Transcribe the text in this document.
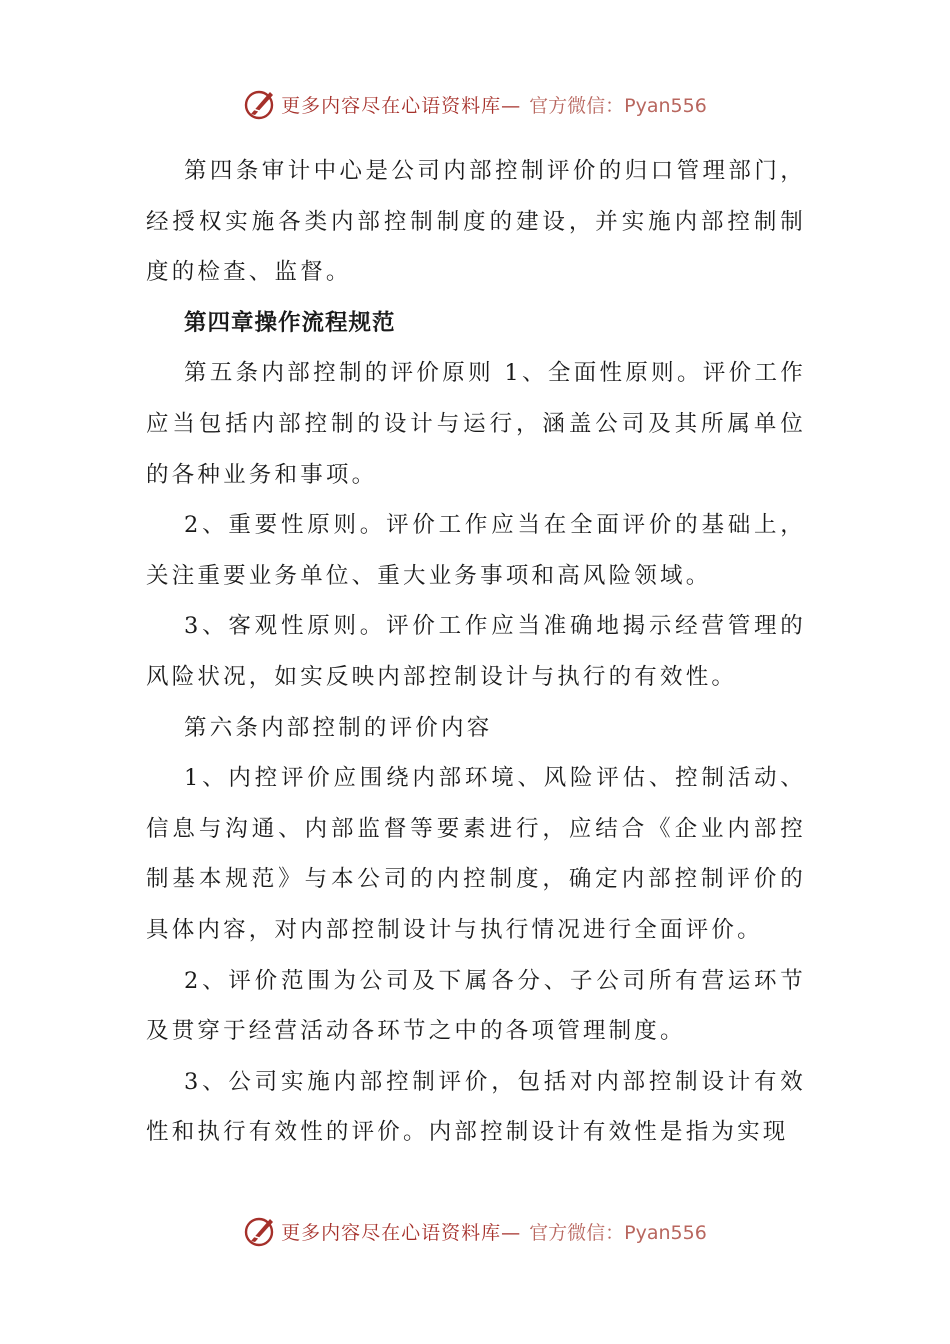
更多内容尽在心语资料库— 官方微信：Pyan556

第四条审计中心是公司内部控制评价的归口管理部门，经授权实施各类内部控制制度的建设，并实施内部控制制度的检查、监督。

第四章操作流程规范

第五条内部控制的评价原则 1、全面性原则。评价工作应当包括内部控制的设计与运行，涵盖公司及其所属单位的各种业务和事项。

2、重要性原则。评价工作应当在全面评价的基础上，关注重要业务单位、重大业务事项和高风险领域。

3、客观性原则。评价工作应当准确地揭示经营管理的风险状况，如实反映内部控制设计与执行的有效性。

第六条内部控制的评价内容

1、内控评价应围绕内部环境、风险评估、控制活动、信息与沟通、内部监督等要素进行，应结合《企业内部控制基本规范》与本公司的内控制度，确定内部控制评价的具体内容，对内部控制设计与执行情况进行全面评价。

2、评价范围为公司及下属各分、子公司所有营运环节及贯穿于经营活动各环节之中的各项管理制度。

3、公司实施内部控制评价，包括对内部控制设计有效性和执行有效性的评价。内部控制设计有效性是指为实现

更多内容尽在心语资料库— 官方微信：Pyan556
